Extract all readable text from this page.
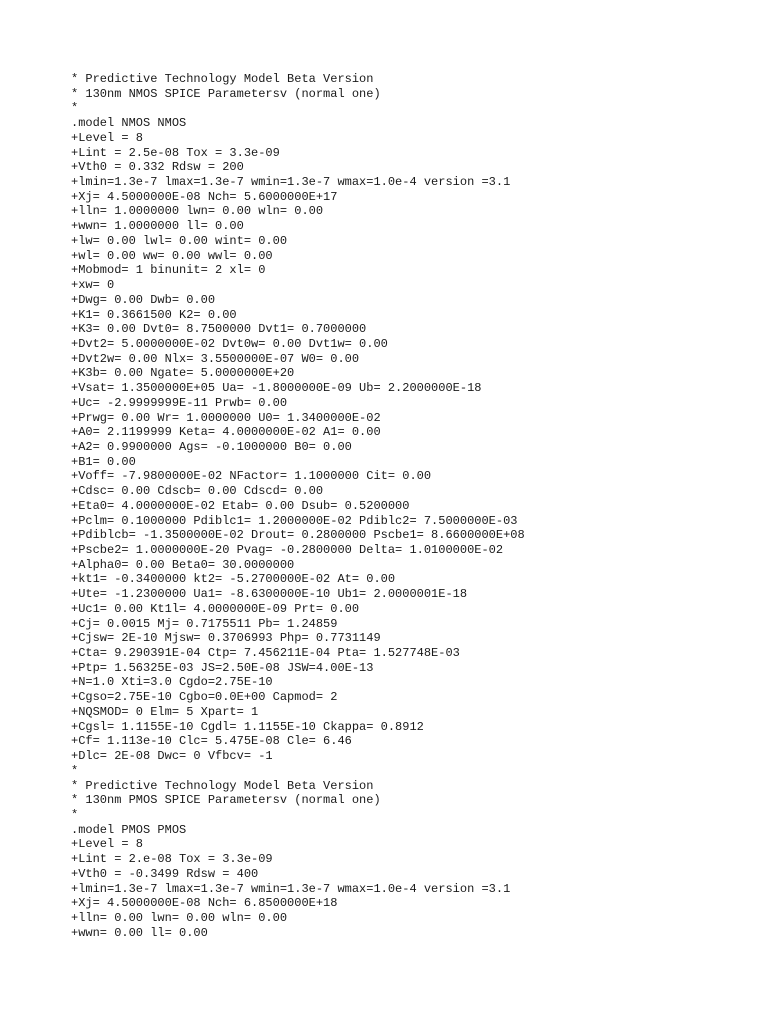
* Predictive Technology Model Beta Version
* 130nm NMOS SPICE Parametersv (normal one)
*
.model NMOS NMOS
+Level = 8
+Lint = 2.5e-08 Tox = 3.3e-09
+Vth0 = 0.332 Rdsw = 200
+lmin=1.3e-7 lmax=1.3e-7 wmin=1.3e-7 wmax=1.0e-4 version =3.1
+Xj= 4.5000000E-08 Nch= 5.6000000E+17
+lln= 1.0000000 lwn= 0.00 wln= 0.00
+wwn= 1.0000000 ll= 0.00
+lw= 0.00 lwl= 0.00 wint= 0.00
+wl= 0.00 ww= 0.00 wwl= 0.00
+Mobmod= 1 binunit= 2 xl= 0
+xw= 0
+Dwg= 0.00 Dwb= 0.00
+K1= 0.3661500 K2= 0.00
+K3= 0.00 Dvt0= 8.7500000 Dvt1= 0.7000000
+Dvt2= 5.0000000E-02 Dvt0w= 0.00 Dvt1w= 0.00
+Dvt2w= 0.00 Nlx= 3.5500000E-07 W0= 0.00
+K3b= 0.00 Ngate= 5.0000000E+20
+Vsat= 1.3500000E+05 Ua= -1.8000000E-09 Ub= 2.2000000E-18
+Uc= -2.9999999E-11 Prwb= 0.00
+Prwg= 0.00 Wr= 1.0000000 U0= 1.3400000E-02
+A0= 2.1199999 Keta= 4.0000000E-02 A1= 0.00
+A2= 0.9900000 Ags= -0.1000000 B0= 0.00
+B1= 0.00
+Voff= -7.9800000E-02 NFactor= 1.1000000 Cit= 0.00
+Cdsc= 0.00 Cdscb= 0.00 Cdscd= 0.00
+Eta0= 4.0000000E-02 Etab= 0.00 Dsub= 0.5200000
+Pclm= 0.1000000 Pdiblc1= 1.2000000E-02 Pdiblc2= 7.5000000E-03
+Pdiblcb= -1.3500000E-02 Drout= 0.2800000 Pscbe1= 8.6600000E+08
+Pscbe2= 1.0000000E-20 Pvag= -0.2800000 Delta= 1.0100000E-02
+Alpha0= 0.00 Beta0= 30.0000000
+kt1= -0.3400000 kt2= -5.2700000E-02 At= 0.00
+Ute= -1.2300000 Ua1= -8.6300000E-10 Ub1= 2.0000001E-18
+Uc1= 0.00 Kt1l= 4.0000000E-09 Prt= 0.00
+Cj= 0.0015 Mj= 0.7175511 Pb= 1.24859
+Cjsw= 2E-10 Mjsw= 0.3706993 Php= 0.7731149
+Cta= 9.290391E-04 Ctp= 7.456211E-04 Pta= 1.527748E-03
+Ptp= 1.56325E-03 JS=2.50E-08 JSW=4.00E-13
+N=1.0 Xti=3.0 Cgdo=2.75E-10
+Cgso=2.75E-10 Cgbo=0.0E+00 Capmod= 2
+NQSMOD= 0 Elm= 5 Xpart= 1
+Cgsl= 1.1155E-10 Cgdl= 1.1155E-10 Ckappa= 0.8912
+Cf= 1.113e-10 Clc= 5.475E-08 Cle= 6.46
+Dlc= 2E-08 Dwc= 0 Vfbcv= -1
*
* Predictive Technology Model Beta Version
* 130nm PMOS SPICE Parametersv (normal one)
*
.model PMOS PMOS
+Level = 8
+Lint = 2.e-08 Tox = 3.3e-09
+Vth0 = -0.3499 Rdsw = 400
+lmin=1.3e-7 lmax=1.3e-7 wmin=1.3e-7 wmax=1.0e-4 version =3.1
+Xj= 4.5000000E-08 Nch= 6.8500000E+18
+lln= 0.00 lwn= 0.00 wln= 0.00
+wwn= 0.00 ll= 0.00
